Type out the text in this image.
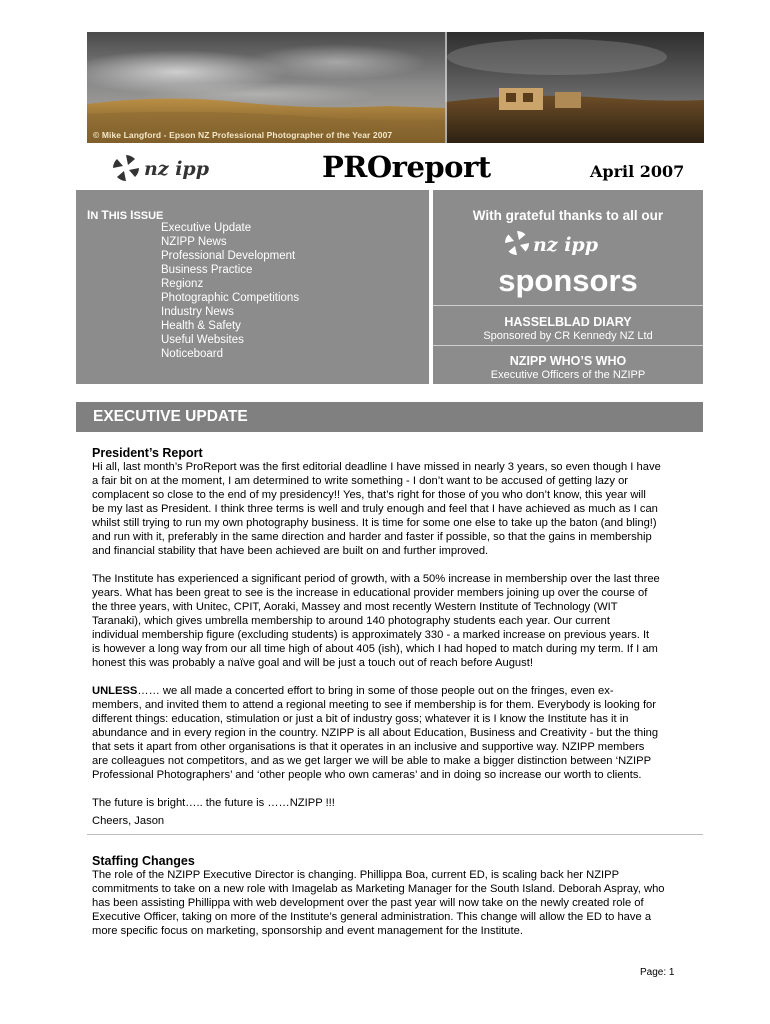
© Mike Langford - Epson NZ Professional Photographer of the Year 2007
nz ipp	PROreport	April 2007
IN THIS ISSUE
Executive Update
NZIPP News
Professional Development
Business Practice
Regionz
Photographic Competitions
Industry News
Health & Safety
Useful Websites
Noticeboard
With grateful thanks to all our
nz ipp
sponsors
HASSELBLAD DIARY
Sponsored by CR Kennedy NZ Ltd
NZIPP WHO’S WHO
Executive Officers of the NZIPP
EXECUTIVE UPDATE
President’s Report

Hi all, last month’s ProReport was the first editorial deadline I have missed in nearly 3 years, so even though I have
a fair bit on at the moment, I am determined to write something - I don’t want to be accused of getting lazy or
complacent so close to the end of my presidency!! Yes, that’s right for those of you who don’t know, this year will
be my last as President. I think three terms is well and truly enough and feel that I have achieved as much as I can
whilst still trying to run my own photography business. It is time for some one else to take up the baton (and bling!)
and run with it, preferably in the same direction and harder and faster if possible, so that the gains in membership
and financial stability that have been achieved are built on and further improved.

The Institute has experienced a significant period of growth, with a 50% increase in membership over the last three
years. What has been great to see is the increase in educational provider members joining up over the course of
the three years, with Unitec, CPIT, Aoraki, Massey and most recently Western Institute of Technology (WIT
Taranaki), which gives umbrella membership to around 140 photography students each year. Our current
individual membership figure (excluding students) is approximately 330 - a marked increase on previous years. It
is however a long way from our all time high of about 405 (ish), which I had hoped to match during my term. If I am
honest this was probably a naïve goal and will be just a touch out of reach before August!

UNLESS…… we all made a concerted effort to bring in some of those people out on the fringes, even ex-
members, and invited them to attend a regional meeting to see if membership is for them. Everybody is looking for
different things: education, stimulation or just a bit of industry goss; whatever it is I know the Institute has it in
abundance and in every region in the country. NZIPP is all about Education, Business and Creativity - but the thing
that sets it apart from other organisations is that it operates in an inclusive and supportive way. NZIPP members
are colleagues not competitors, and as we get larger we will be able to make a bigger distinction between ‘NZIPP
Professional Photographers’ and ‘other people who own cameras’ and in doing so increase our worth to clients.

The future is bright….. the future is ……NZIPP !!!

Cheers, Jason

Staffing Changes

The role of the NZIPP Executive Director is changing. Phillippa Boa, current ED, is scaling back her NZIPP
commitments to take on a new role with Imagelab as Marketing Manager for the South Island. Deborah Aspray, who
has been assisting Phillippa with web development over the past year will now take on the newly created role of
Executive Officer, taking on more of the Institute’s general administration. This change will allow the ED to have a
more specific focus on marketing, sponsorship and event management for the Institute.

Page: 1
